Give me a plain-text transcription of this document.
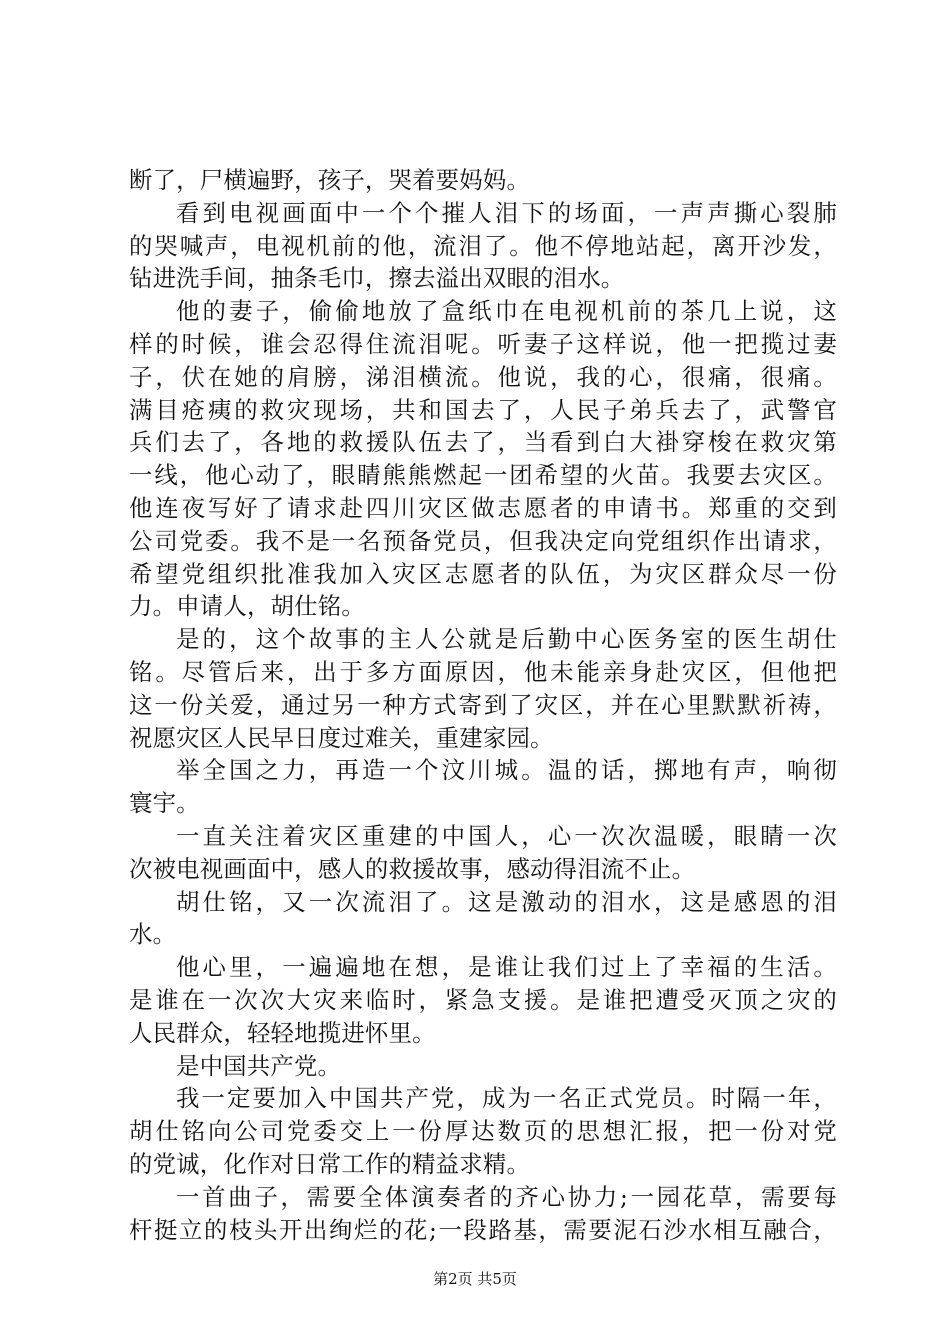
断了，尸横遍野，孩子，哭着要妈妈。
看到电视画面中一个个摧人泪下的场面，一声声撕心裂肺
的哭喊声，电视机前的他，流泪了。他不停地站起，离开沙发，
钻进洗手间，抽条毛巾，擦去溢出双眼的泪水。
他的妻子，偷偷地放了盒纸巾在电视机前的茶几上说，这
样的时候，谁会忍得住流泪呢。听妻子这样说，他一把揽过妻
子，伏在她的肩膀，涕泪横流。他说，我的心，很痛，很痛。
满目疮痍的救灾现场，共和国去了，人民子弟兵去了，武警官
兵们去了，各地的救援队伍去了，当看到白大褂穿梭在救灾第
一线，他心动了，眼睛熊熊燃起一团希望的火苗。我要去灾区。
他连夜写好了请求赴四川灾区做志愿者的申请书。郑重的交到
公司党委。我不是一名预备党员，但我决定向党组织作出请求，
希望党组织批准我加入灾区志愿者的队伍，为灾区群众尽一份
力。申请人，胡仕铭。
是的，这个故事的主人公就是后勤中心医务室的医生胡仕
铭。尽管后来，出于多方面原因，他未能亲身赴灾区，但他把
这一份关爱，通过另一种方式寄到了灾区，并在心里默默祈祷，
祝愿灾区人民早日度过难关，重建家园。
举全国之力，再造一个汶川城。温的话，掷地有声，响彻
寰宇。
一直关注着灾区重建的中国人，心一次次温暖，眼睛一次
次被电视画面中，感人的救援故事，感动得泪流不止。
胡仕铭，又一次流泪了。这是激动的泪水，这是感恩的泪
水。
他心里，一遍遍地在想，是谁让我们过上了幸福的生活。
是谁在一次次大灾来临时，紧急支援。是谁把遭受灭顶之灾的
人民群众，轻轻地揽进怀里。
是中国共产党。
我一定要加入中国共产党，成为一名正式党员。时隔一年，
胡仕铭向公司党委交上一份厚达数页的思想汇报，把一份对党
的党诚，化作对日常工作的精益求精。
一首曲子，需要全体演奏者的齐心协力;一园花草，需要每
杆挺立的枝头开出绚烂的花;一段路基，需要泥石沙水相互融合，
第2页 共5页
